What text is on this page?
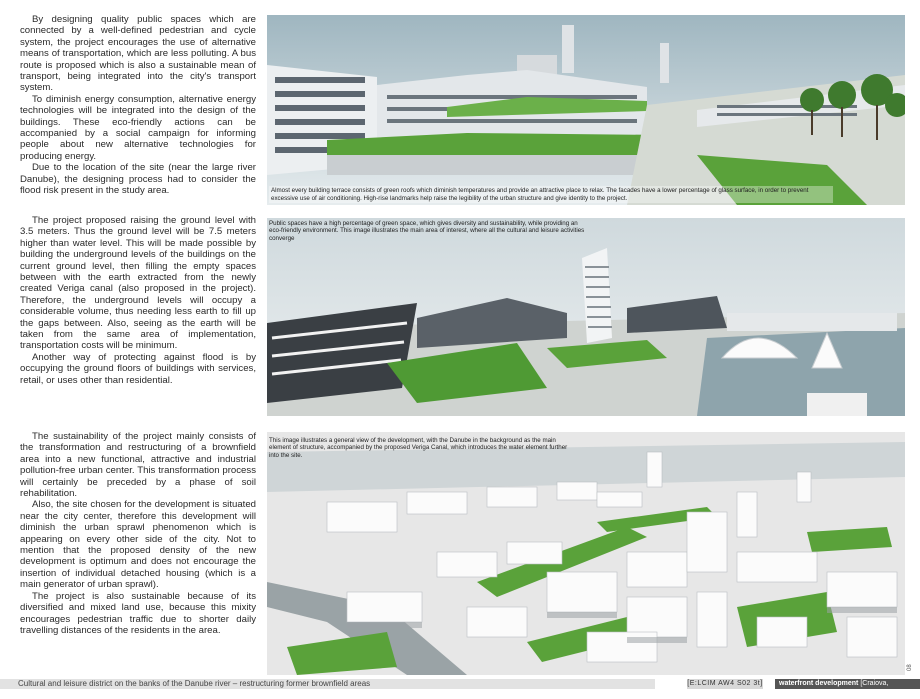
By designing quality public spaces which are connected by a well-defined pedestrian and cycle system, the project encourages the use of alternative means of transportation, which are less polluting. A bus route is proposed which is also a sustainable mean of transport, being integrated into the city's transport system.

To diminish energy consumption, alternative energy technologies will be integrated into the design of the buildings. These eco-friendly actions can be accompanied by a social campaign for informing people about new alternative technologies for producing energy.

Due to the location of the site (near the large river Danube), the designing process had to consider the flood risk present in the study area.

The project proposed raising the ground level with 3.5 meters. Thus the ground level will be 7.5 meters higher than water level. This will be made possible by building the underground levels of the buildings on the current ground level, then filling the empty spaces between with the earth extracted from the newly created Veriga canal (also proposed in the project). Therefore, the underground levels will occupy a considerable volume, thus needing less earth to fill up the gaps between. Also, seeing as the earth will be taken from the same area of implementation, transportation costs will be minimum.

Another way of protecting against flood is by occupying the ground floors of buildings with services, retail, or uses other than residential.

The sustainability of the project mainly consists of the transformation and restructuring of a brownfield area into a new functional, attractive and industrial pollution-free urban center. This transformation process will certainly be preceded by a phase of soil rehabilitation.

Also, the site chosen for the development is situated near the city center, therefore this development will diminish the urban sprawl phenomenon which is appearing on every other side of the city. Not to mention that the proposed density of the new development is optimum and does not encourage the insertion of individual detached housing (which is a main generator of urban sprawl).

The project is also sustainable because of its diversified and mixed land use, because this mixity encourages pedestrian traffic due to shorter daily travelling distances of the residents in the area.

Almost every building terrace consists of green roofs which diminish temperatures and provide an attractive place to relax. The facades have a lower percentage of glass surface, in order to prevent excessive use of air conditioning. High-rise landmarks help raise the legibility of the urban structure and give identity to the project.
Public spaces have a high percentage of green space, which gives diversity and sustainability, while providing an eco-friendly environment. This image illustrates the main area of interest, where all the cultural and leisure activities converge
This image illustrates a general view of the development, with the Danube in the background as the main element of structure, accompanied by the proposed Veriga Canal, which introduces the water element further into the site.
Cultural and leisure district on the banks of the Danube river – restructuring former brownfield areas	[E:LCIM AW4 S02 3t]	waterfront development [Craiova, Romania]
08
